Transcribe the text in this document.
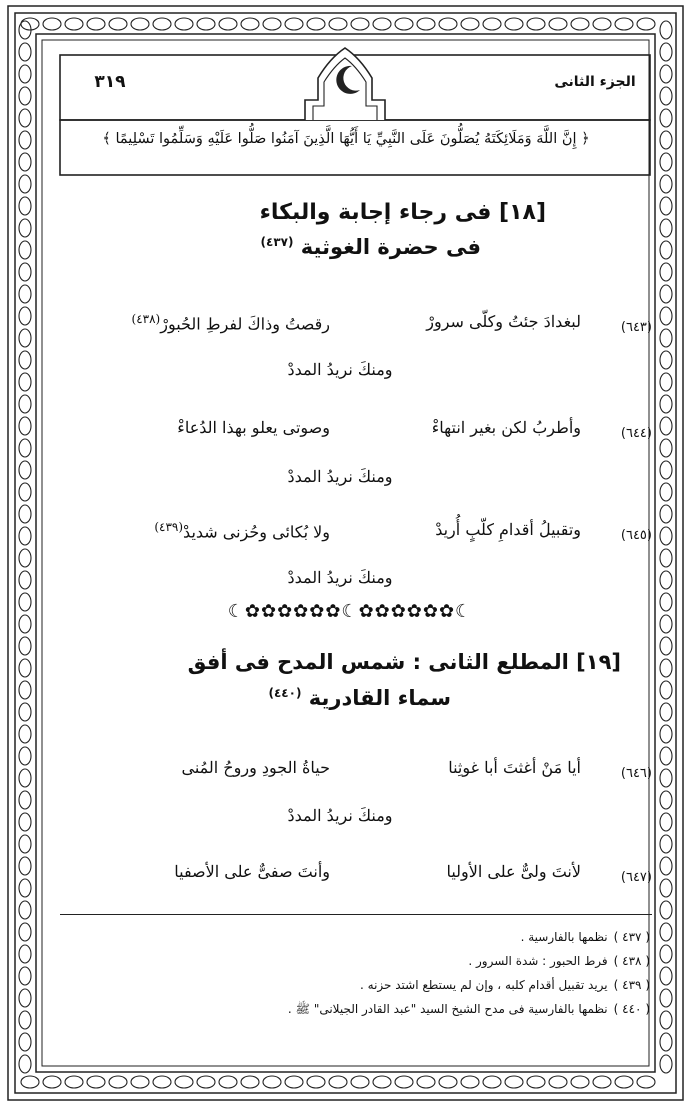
الجزء الثانى
٣١٩
﴿ إِنَّ اللَّهَ وَمَلَائِكَتَهُ يُصَلُّونَ عَلَى النَّبِيِّ يَا أَيُّهَا الَّذِينَ آمَنُوا صَلُّوا عَلَيْهِ وَسَلِّمُوا تَسْلِيمًا ﴾
[١٨] فى رجاء إجابة والبكاء
فى حضرة الغوثية $^{(٤٣٧)}$
(٦٤٣)
لبغدادَ جئتُ وكلّى سرورْ
رقصتُ وذاكَ لفرطِ الحُبورْ$^{(٤٣٨)}$
ومنكَ نريدُ المددْ
(٦٤٤)
وأطربُ لكن بغير انتهاءْ
وصوتى يعلو بهذا الدُعاءْ
ومنكَ نريدُ المددْ
(٦٤٥)
وتقبيلُ أقدامِ كلّبٍ أُريدْ
ولا بُكائى وحُزنى شديدْ$^{(٤٣٩)}$
ومنكَ نريدُ المددْ
☾✿✿✿✿✿✿☾✿✿✿✿✿✿☾
[١٩] المطلع الثانى : شمس المدح فى أفق
سماء القادرية $^{(٤٤٠)}$
(٦٤٦)
أيا مَنْ أغثتَ أبا غوثِنا
حياةُ الجودِ وروحُ المُنى
ومنكَ نريدُ المددْ
(٦٤٧)
لأنتَ ولىٌّ على الأوليا
وأنتَ صفىٌّ على الأصفيا
( ٤٣٧ )نظمها بالفارسية .
( ٤٣٨ )فرط الحبور : شدة السرور .
( ٤٣٩ )يريد تقبيل أقدام كلبه ، وإن لم يستطع اشتد حزنه .
( ٤٤٠ )نظمها بالفارسية فى مدح الشيخ السيد "عبد القادر الجيلانى" ﷺ .
